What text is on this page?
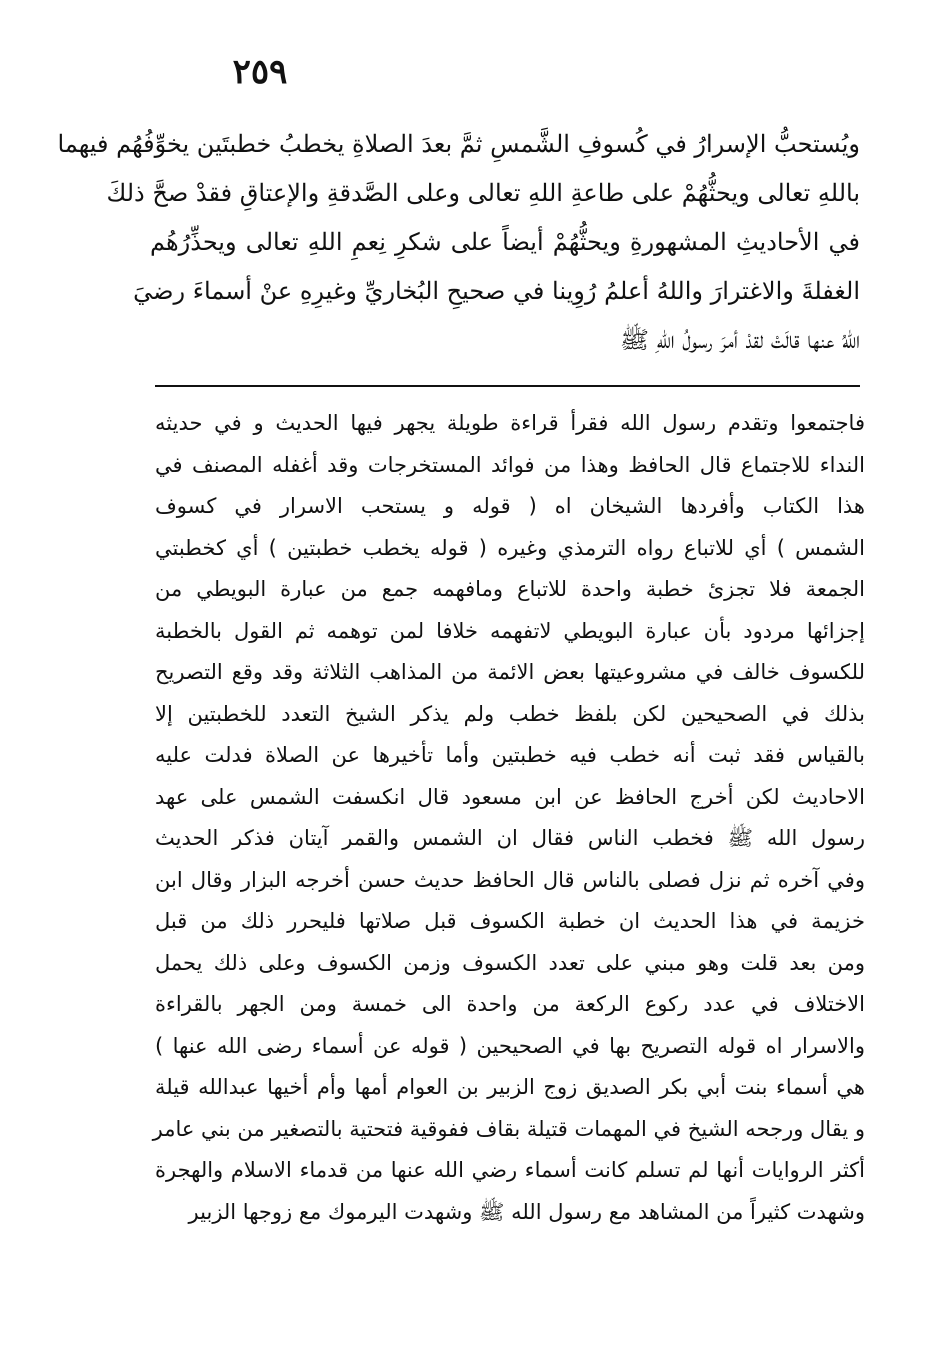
٢٥٩
ويُستحبُّ الإسرارُ في كُسوفِ الشَّمسِ ثمَّ بعدَ الصلاةِ يخطبُ خطبتَين يخوِّفُهُم فيهما
باللهِ تعالى ويحثُّهُمْ على طاعةِ اللهِ تعالى وعلى الصَّدقةِ والإعتاقِ فقدْ صحَّ ذلكَ
في الأحاديثِ المشهورةِ ويحثُّهُمْ أيضاً على شكرِ نِعمِ اللهِ تعالى ويحذِّرُهُم
الغفلةَ والاغترارَ واللهُ أعلمُ رُوِينا في صحيحِ البُخاريِّ وغيرِهِ عنْ أسماءَ رضيَ
اللهُ عنها قالَتْ لقدْ أمرَ رسولُ اللهِ ﷺ
فاجتمعوا وتقدم رسول الله فقرأ قراءة طويلة يجهر فيها الحديث و في حديثه
النداء للاجتماع قال الحافظ وهذا من فوائد المستخرجات وقد أغفله المصنف في
هذا الكتاب وأفردها الشيخان اه ( قوله و يستحب الاسرار في كسوف
الشمس ) أي للاتباع رواه الترمذي وغيره ( قوله يخطب خطبتين ) أي كخطبتي
الجمعة فلا تجزئ خطبة واحدة للاتباع ومافهمه جمع من عبارة البويطي من
إجزائها مردود بأن عبارة البويطي لاتفهمه خلافا لمن توهمه ثم القول بالخطبة
للكسوف خالف في مشروعيتها بعض الائمة من المذاهب الثلاثة وقد وقع التصريح
بذلك في الصحيحين لكن بلفظ خطب ولم يذكر الشيخ التعدد للخطبتين إلا
بالقياس فقد ثبت أنه خطب فيه خطبتين وأما تأخيرها عن الصلاة فدلت عليه
الاحاديث لكن أخرج الحافظ عن ابن مسعود قال انكسفت الشمس على عهد
رسول الله ﷺ فخطب الناس فقال ان الشمس والقمر آيتان فذكر الحديث
وفي آخره ثم نزل فصلى بالناس قال الحافظ حديث حسن أخرجه البزار وقال ابن
خزيمة في هذا الحديث ان خطبة الكسوف قبل صلاتها فليحرر ذلك من قبل
ومن بعد قلت وهو مبني على تعدد الكسوف وزمن الكسوف وعلى ذلك يحمل
الاختلاف في عدد ركوع الركعة من واحدة الى خمسة ومن الجهر بالقراءة
والاسرار اه قوله التصريح بها في الصحيحين ( قوله عن أسماء رضى الله عنها )
هي أسماء بنت أبي بكر الصديق زوج الزبير بن العوام أمها وأم أخيها عبدالله قيلة
و يقال ورجحه الشيخ في المهمات قتيلة بقاف ففوقية فتحتية بالتصغير من بني عامر
أكثر الروايات أنها لم تسلم كانت أسماء رضي الله عنها من قدماء الاسلام والهجرة
وشهدت كثيراً من المشاهد مع رسول الله ﷺ وشهدت اليرموك مع زوجها الزبير
